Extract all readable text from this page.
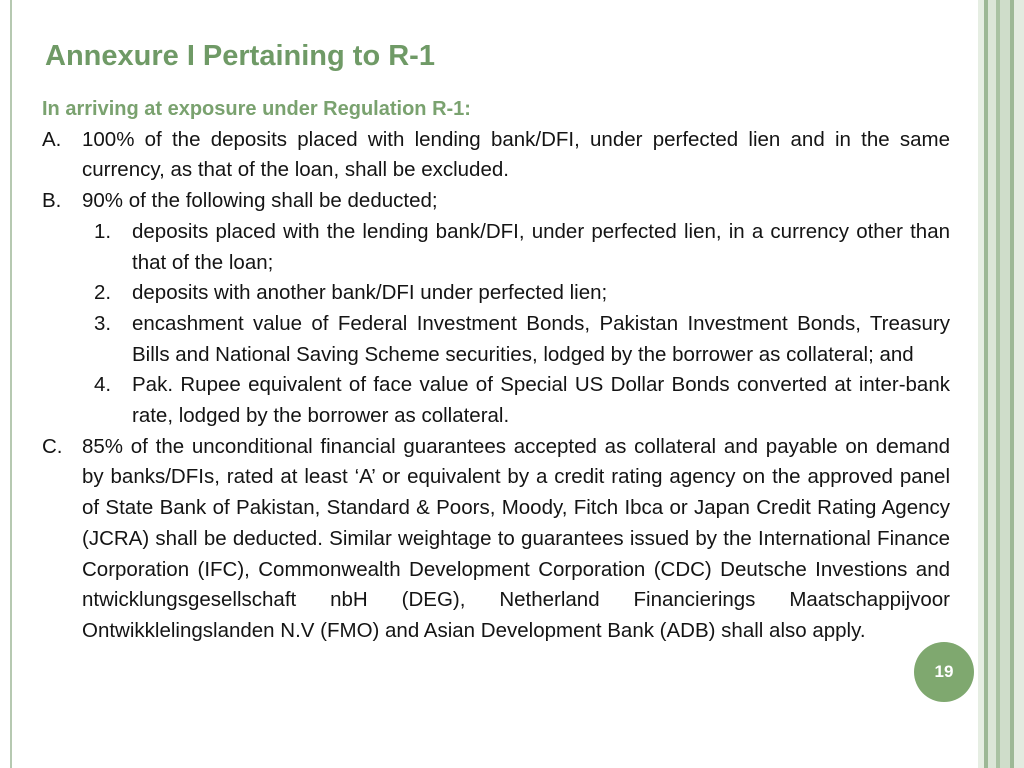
Annexure I Pertaining to R-1

In arriving at exposure under Regulation R-1:

A.	100% of the deposits placed with lending bank/DFI, under perfected lien and in the same currency, as that of the loan, shall be excluded.
B.	90% of the following shall be deducted;
1.	deposits placed with the lending bank/DFI, under perfected lien, in a currency other than that of the loan;
2.	deposits with another bank/DFI under perfected lien;
3.	encashment value of Federal Investment Bonds, Pakistan Investment Bonds, Treasury Bills and National Saving Scheme securities, lodged by the borrower as collateral; and
4.	Pak. Rupee equivalent of face value of Special US Dollar Bonds converted at inter-bank rate, lodged by the borrower as collateral.
C. 85% of the unconditional financial guarantees accepted as collateral and payable on demand by banks/DFIs, rated at least ‘A’ or equivalent by a credit rating agency on the approved panel of State Bank of Pakistan, Standard & Poors, Moody, Fitch Ibca or Japan Credit Rating Agency (JCRA) shall be deducted. Similar weightage to guarantees issued by the International Finance Corporation (IFC), Commonwealth Development Corporation (CDC) Deutsche Investions and ntwicklungsgesellschaft nbH (DEG), Netherland Financierings Maatschappijvoor Ontwikklelingslanden N.V (FMO) and Asian Development Bank (ADB) shall also apply.
19
